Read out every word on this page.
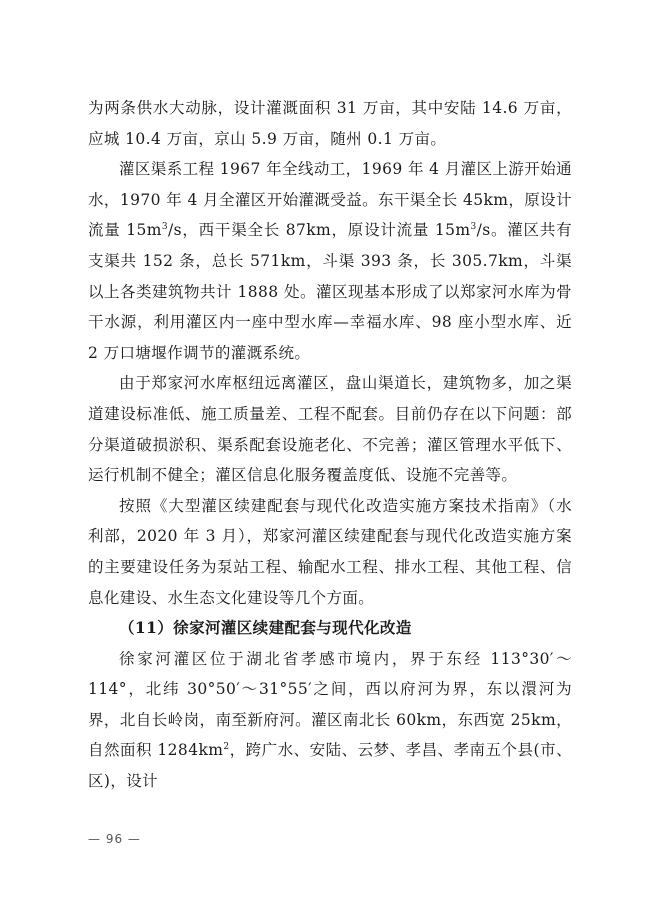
为两条供水大动脉，设计灌溉面积 31 万亩，其中安陆 14.6 万亩，应城 10.4 万亩，京山 5.9 万亩，随州 0.1 万亩。

灌区渠系工程 1967 年全线动工，1969 年 4 月灌区上游开始通水，1970 年 4 月全灌区开始灌溉受益。东干渠全长 45km，原设计流量 $15m^3/s$，西干渠全长 87km，原设计流量 $15m^3/s$。灌区共有支渠共 152 条，总长 571km，斗渠 393 条，长 305.7km，斗渠以上各类建筑物共计 1888 处。灌区现基本形成了以郑家河水库为骨干水源，利用灌区内一座中型水库—幸福水库、98 座小型水库、近 2 万口塘堰作调节的灌溉系统。

由于郑家河水库枢纽远离灌区，盘山渠道长，建筑物多，加之渠道建设标准低、施工质量差、工程不配套。目前仍存在以下问题：部分渠道破损淤积、渠系配套设施老化、不完善；灌区管理水平低下、运行机制不健全；灌区信息化服务覆盖度低、设施不完善等。

按照《大型灌区续建配套与现代化改造实施方案技术指南》（水利部，2020 年 3 月），郑家河灌区续建配套与现代化改造实施方案的主要建设任务为泵站工程、输配水工程、排水工程、其他工程、信息化建设、水生态文化建设等几个方面。

（11）徐家河灌区续建配套与现代化改造

徐家河灌区位于湖北省孝感市境内，界于东经 113°30′～114°，北纬 30°50′～31°55′之间，西以府河为界，东以澴河为界，北自长岭岗，南至新府河。灌区南北长 60km，东西宽 25km，自然面积 $1284km^2$，跨广水、安陆、云梦、孝昌、孝南五个县(市、区)，设计

— 96 —
